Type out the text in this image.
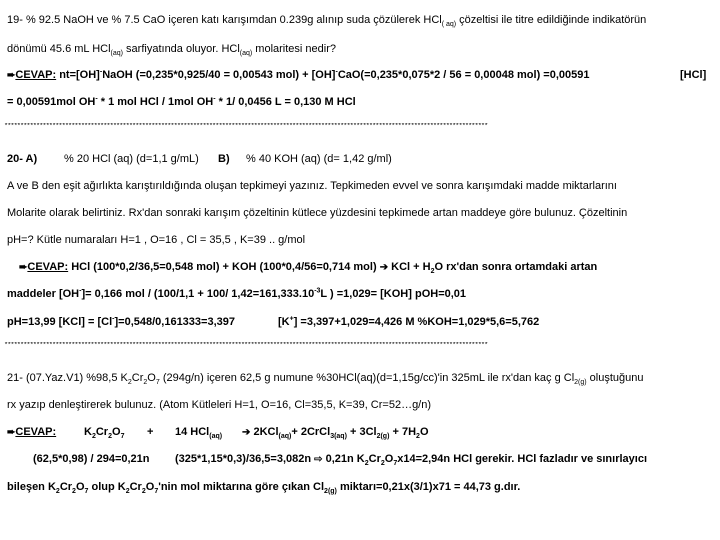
19- % 92.5 NaOH ve % 7.5 CaO içeren katı karışımdan 0.239g alınıp suda çözülerek HCl$_{( aq)}$ çözeltisi ile titre edildiğinde indikatörün
dönümü 45.6 mL HCl$_{(aq)}$ sarfiyatında oluyor. HCl$_{(aq)}$ molaritesi nedir?
➨CEVAP: nt=[OH]-NaOH (=0,235*0,925/40 = 0,00543 mol) + [OH]-CaO(=0,235*0,075*2 / 56 = 0,00048 mol) =0,00591	[HCl]
= 0,00591mol OH- * 1 mol HCl / 1mol OH- * 1/ 0,0456 L = 0,130 M HCl
*******************************************************************************************************************************************************
20- A) % 20 HCl (aq) (d=1,1 g/mL) B) % 40 KOH (aq) (d= 1,42 g/ml)
A ve B den eşit ağırlıkta karıştırıldığında oluşan tepkimeyi yazınız. Tepkimeden evvel ve sonra karışımdaki madde miktarlarını
Molarite olarak belirtiniz. Rx'dan sonraki karışım çözeltinin kütlece yüzdesini tepkimede artan maddeye göre bulunuz. Çözeltinin
pH=? Kütle numaraları H=1 , O=16 , Cl = 35,5 , K=39 .. g/mol
➨CEVAP: HCl (100*0,2/36,5=0,548 mol) + KOH (100*0,4/56=0,714 mol) ➔ KCl + $H_2O$ rx'dan sonra ortamdaki artan
maddeler [OH-]= 0,166 mol / (100/1,1 + 100/ $1,42=161,333.10^{-3}L$ ) =1,029= [KOH] pOH=0,01
pH=13,99 [KCl] = [Cl-]=0,548/0,161333=3,397	[K+] =3,397+1,029=4,426 M %KOH=1,029*5,6=5,762
*******************************************************************************************************************************************************
21- (07.Yaz.V1) %98,5 $K_2Cr_2O_7$ (294g/n) içeren 62,5 g numune %30HCl(aq)(d=1,15g/cc)'in 325mL ile rx'dan kaç g $Cl_{2(g)}$ oluştuğunu
rx yazıp denleştirerek bulunuz. (Atom Kütleleri H=1, O=16, Cl=35,5, K=39, Cr=52…g/n)
➨CEVAP:	$K_2Cr_2O_7 + 14$ HCl$_{(aq)}$ ➔ 2KCl$_{(aq)}$+ 2CrCl$_{3(aq)}$ + $3Cl_{2(g)} + 7H_2O$
(62,5*0,98) / 294=0,21n (325*1,15*0,3)/36,5=3,082n ⇨ 0,21n $K_2Cr_2O_7x14=2,94n$ HCl gerekir. HCl fazladır ve sınırlayıcı
bileşen $K_2Cr_2O_7$ olup $K_2Cr_2O_7'nin$ mol miktarına göre çıkan $Cl_{2(g)}$ miktarı=0,21x(3/1)x71 = 44,73 g.dır.
